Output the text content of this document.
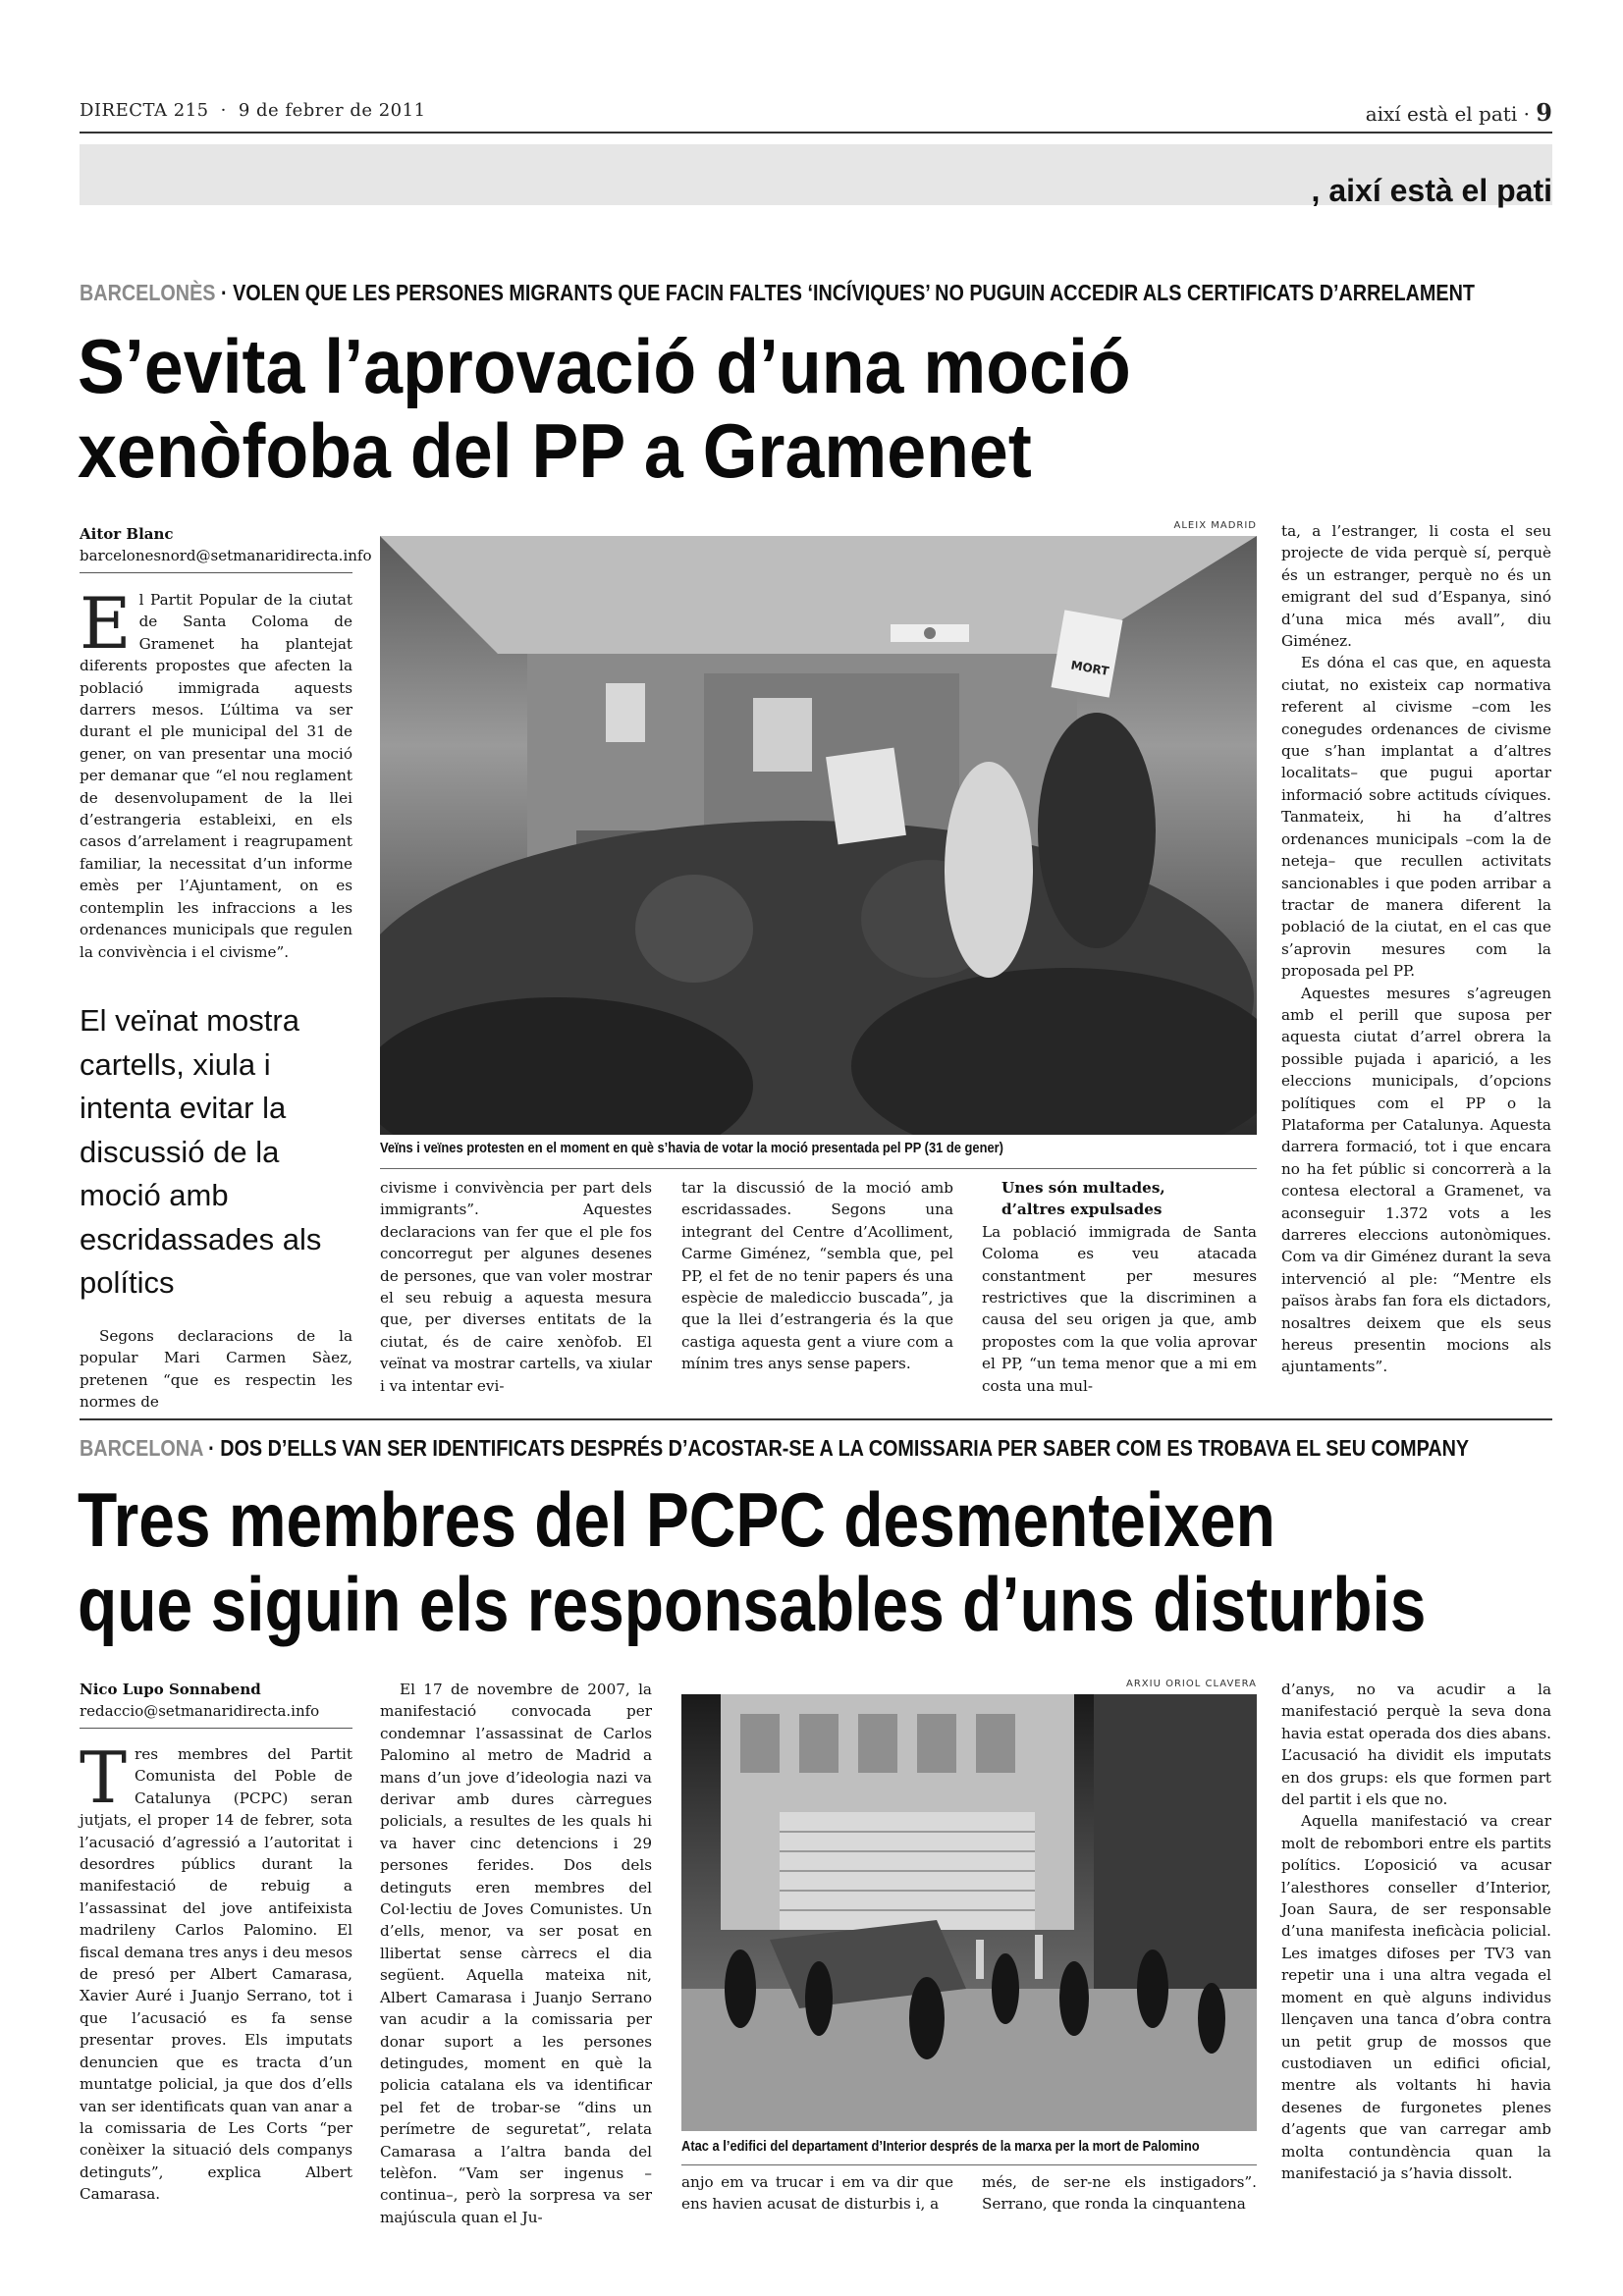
DIRECTA 215 · 9 de febrer de 2011	així està el pati · 9
, així està el pati
BARCELONÈS · VOLEN QUE LES PERSONES MIGRANTS QUE FACIN FALTES ‘INCÍVIQUES’ NO PUGUIN ACCEDIR ALS CERTIFICATS D’ARRELAMENT
S’evita l’aprovació d’una moció
xenòfoba del PP a Gramenet
Aitor Blanc
barcelonesnord@setmanaridirecta.info
E l Partit Popular de la ciutat de Santa Coloma de Gramenet ha plantejat diferents propostes que afecten la població immigrada aquests darrers mesos. L’última va ser durant el ple municipal del 31 de gener, on van presentar una moció per demanar que “el nou reglament de desenvolupament de la llei d’estrangeria estableixi, en els casos d’arrelament i reagrupament familiar, la necessitat d’un informe emès per l’Ajuntament, on es contemplin les infraccions a les ordenances municipals que regulen la convivència i el civisme”.

El veïnat mostra cartells, xiula i intenta evitar la discussió de la moció amb escridassades als polítics

Segons declaracions de la popular Mari Carmen Sàez, pretenen “que es respectin les normes de

ALEIX MADRID
MORT
Veïns i veïnes protesten en el moment en què s’havia de votar la moció presentada pel PP (31 de gener)

civisme i convivència per part dels immigrants”. Aquestes declaracions van fer que el ple fos concorregut per algunes desenes de persones, que van voler mostrar el seu rebuig a aquesta mesura que, per diverses entitats de la ciutat, és de caire xenòfob. El veïnat va mostrar cartells, va xiular i va intentar evi-

tar la discussió de la moció amb escridassades. Segons una integrant del Centre d’Acolliment, Carme Giménez, “sembla que, pel PP, el fet de no tenir papers és una espècie de malediccio buscada”, ja que la llei d’estrangeria és la que castiga aquesta gent a viure com a mínim tres anys sense papers.

Unes són multades,

d’altres expulsades

La població immigrada de Santa Coloma es veu atacada constantment per mesures restrictives que la discriminen a causa del seu origen ja que, amb propostes com la que volia aprovar el PP, “un tema menor que a mi em costa una mul-

ta, a l’estranger, li costa el seu projecte de vida perquè sí, perquè és un estranger, perquè no és un emigrant del sud d’Espanya, sinó d’una mica més avall”, diu Giménez.

Es dóna el cas que, en aquesta ciutat, no existeix cap normativa referent al civisme –com les conegudes ordenances de civisme que s’han implantat a d’altres localitats– que pugui aportar informació sobre actituds cíviques. Tanmateix, hi ha d’altres ordenances municipals –com la de neteja– que recullen activitats sancionables i que poden arribar a tractar de manera diferent la població de la ciutat, en el cas que s’aprovin mesures com la proposada pel PP.

Aquestes mesures s’agreugen amb el perill que suposa per aquesta ciutat d’arrel obrera la possible pujada i aparició, a les eleccions municipals, d’opcions polítiques com el PP o la Plataforma per Catalunya. Aquesta darrera formació, tot i que encara no ha fet públic si concorrerà a la contesa electoral a Gramenet, va aconseguir 1.372 vots a les darreres eleccions autonòmiques. Com va dir Giménez durant la seva intervenció al ple: “Mentre els països àrabs fan fora els dictadors, nosaltres deixem que els seus hereus presentin mocions als ajuntaments”.

BARCELONA · DOS D’ELLS VAN SER IDENTIFICATS DESPRÉS D’ACOSTAR-SE A LA COMISSARIA PER SABER COM ES TROBAVA EL SEU COMPANY
Tres membres del PCPC desmenteixen
que siguin els responsables d’uns disturbis
Nico Lupo Sonnabend
redaccio@setmanaridirecta.info
T res membres del Partit Comunista del Poble de Catalunya (PCPC) seran jutjats, el proper 14 de febrer, sota l’acusació d’agressió a l’autoritat i desordres públics durant la manifestació de rebuig a l’assassinat del jove antifeixista madrileny Carlos Palomino. El fiscal demana tres anys i deu mesos de presó per Albert Camarasa, Xavier Auré i Juanjo Serrano, tot i que l’acusació es fa sense presentar proves. Els imputats denuncien que es tracta d’un muntatge policial, ja que dos d’ells van ser identificats quan van anar a la comissaria de Les Corts “per conèixer la situació dels companys detinguts”, explica Albert Camarasa.

El 17 de novembre de 2007, la manifestació convocada per condemnar l’assassinat de Carlos Palomino al metro de Madrid a mans d’un jove d’ideologia nazi va derivar amb dures càrregues policials, a resultes de les quals hi va haver cinc detencions i 29 persones ferides. Dos dels detinguts eren membres del Col·lectiu de Joves Comunistes. Un d’ells, menor, va ser posat en llibertat sense càrrecs el dia següent. Aquella mateixa nit, Albert Camarasa i Juanjo Serrano van acudir a la comissaria per donar suport a les persones detingudes, moment en què la policia catalana els va identificar pel fet de trobar-se “dins un perímetre de seguretat”, relata Camarasa a l’altra banda del telèfon. “Vam ser ingenus –continua–, però la sorpresa va ser majúscula quan el Ju-

ARXIU ORIOL CLAVERA
Atac a l’edifici del departament d’Interior després de la marxa per la mort de Palomino

anjo em va trucar i em va dir que ens havien acusat de disturbis i, a

més, de ser-ne els instigadors”. Serrano, que ronda la cinquantena

d’anys, no va acudir a la manifestació perquè la seva dona havia estat operada dos dies abans. L’acusació ha dividit els imputats en dos grups: els que formen part del partit i els que no.

Aquella manifestació va crear molt de rebombori entre els partits polítics. L’oposició va acusar l’alesthores conseller d’Interior, Joan Saura, de ser responsable d’una manifesta ineficàcia policial. Les imatges difoses per TV3 van repetir una i una altra vegada el moment en què alguns individus llençaven una tanca d’obra contra un petit grup de mossos que custodiaven un edifici oficial, mentre als voltants hi havia desenes de furgonetes plenes d’agents que van carregar amb molta contundència quan la manifestació ja s’havia dissolt.
